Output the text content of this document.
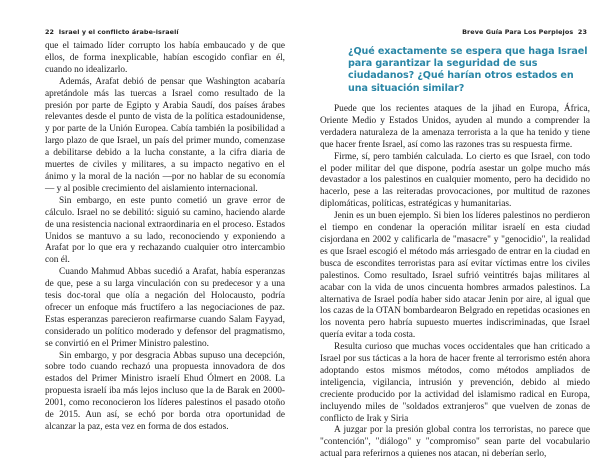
22 Israel y el conflicto árabe-israelí

que el taimado líder corrupto los había embaucado y de que ellos, de forma inexplicable, habían escogido confiar en él, cuando no idealizarlo.

Además, Arafat debió de pensar que Washington acabaría apretándole más las tuercas a Israel como resultado de la presión por parte de Egipto y Arabia Saudí, dos países árabes relevantes desde el punto de vista de la política estadounidense, y por parte de la Unión Europea. Cabía también la posibilidad a largo plazo de que Israel, un país del primer mundo, comenzase a debilitarse debido a la lucha constante, a la cifra diaria de muertes de civiles y militares, a su impacto negativo en el ánimo y la moral de la nación —por no hablar de su economía— y al posible crecimiento del aislamiento internacional.

Sin embargo, en este punto cometió un grave error de cálculo. Israel no se debilitó: siguió su camino, haciendo alarde de una resistencia nacional extraordinaria en el proceso. Estados Unidos se mantuvo a su lado, reconociendo y exponiendo a Arafat por lo que era y rechazando cualquier otro intercambio con él.

Cuando Mahmud Abbas sucedió a Arafat, había esperanzas de que, pese a su larga vinculación con su predecesor y a una tesis doc-toral que olía a negación del Holocausto, podría ofrecer un enfoque más fructífero a las negociaciones de paz. Estas esperanzas parecieron reafirmarse cuando Salam Fayyad, considerado un político moderado y defensor del pragmatismo, se convirtió en el Primer Ministro palestino.

Sin embargo, y por desgracia Abbas supuso una decepción, sobre todo cuando rechazó una propuesta innovadora de dos estados del Primer Ministro israelí Ehud Ólmert en 2008. La propuesta israelí iba más lejos incluso que la de Barak en 2000-2001, como reconocieron los líderes palestinos el pasado otoño de 2015. Aun así, se echó por borda otra oportunidad de alcanzar la paz, esta vez en forma de dos estados.

Breve Guía Para Los Perplejos 23
¿Qué exactamente se espera que haga Israel para garantizar la seguridad de sus ciudadanos? ¿Qué harían otros estados en una situación similar?

Puede que los recientes ataques de la jihad en Europa, África, Oriente Medio y Estados Unidos, ayuden al mundo a comprender la verdadera naturaleza de la amenaza terrorista a la que ha tenido y tiene que hacer frente Israel, así como las razones tras su respuesta firme.

Firme, sí, pero también calculada. Lo cierto es que Israel, con todo el poder militar del que dispone, podría asestar un golpe mucho más devastador a los palestinos en cualquier momento, pero ha decidido no hacerlo, pese a las reiteradas provocaciones, por multitud de razones diplomáticas, políticas, estratégicas y humanitarias.

Jenin es un buen ejemplo. Si bien los líderes palestinos no perdieron el tiempo en condenar la operación militar israelí en esta ciudad cisjordana en 2002 y calificarla de "masacre" y "genocidio", la realidad es que Israel escogió el método más arriesgado de entrar en la ciudad en busca de escondites terroristas para así evitar víctimas entre los civiles palestinos. Como resultado, Israel sufrió veintitrés bajas militares al acabar con la vida de unos cincuenta hombres armados palestinos. La alternativa de Israel podía haber sido atacar Jenin por aire, al igual que los cazas de la OTAN bombardearon Belgrado en repetidas ocasiones en los noventa pero habría supuesto muertes indiscriminadas, que Israel quería evitar a toda costa.

Resulta curioso que muchas voces occidentales que han criticado a Israel por sus tácticas a la hora de hacer frente al terrorismo estén ahora adoptando estos mismos métodos, como métodos ampliados de inteligencia, vigilancia, intrusión y prevención, debido al miedo creciente producido por la actividad del islamismo radical en Europa, incluyendo miles de "soldados extranjeros" que vuelven de zonas de conflicto de Irak y Siria

A juzgar por la presión global contra los terroristas, no parece que "contención", "diálogo" y "compromiso" sean parte del vocabulario actual para referirnos a quienes nos atacan, ni deberían serlo,
